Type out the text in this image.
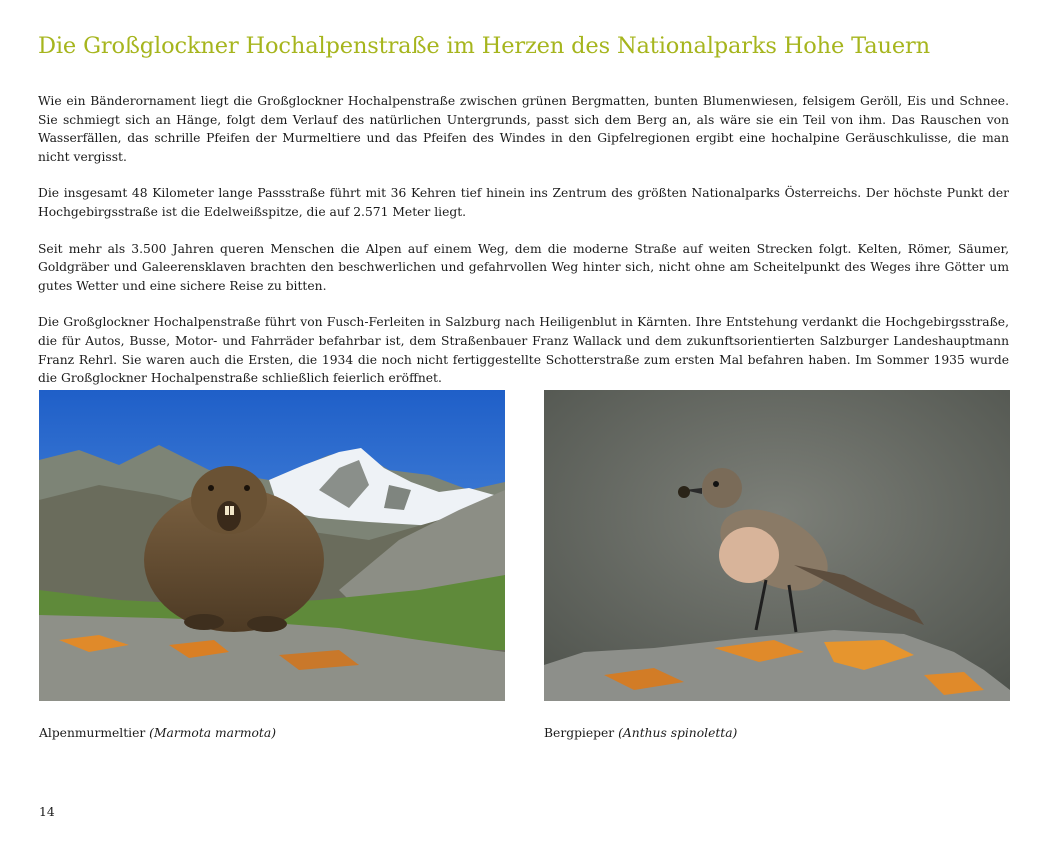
Die Großglockner Hochalpenstraße im Herzen des Nationalparks Hohe Tauern

Wie ein Bänderornament liegt die Großglockner Hochalpenstraße zwischen grünen Bergmatten, bunten Blumenwiesen, felsigem Geröll, Eis und Schnee. Sie schmiegt sich an Hänge, folgt dem Verlauf des natürlichen Untergrunds, passt sich dem Berg an, als wäre sie ein Teil von ihm. Das Rauschen von Wasserfällen, das schrille Pfeifen der Murmeltiere und das Pfeifen des Windes in den Gipfelregionen ergibt eine hochalpine Geräuschkulisse, die man nicht vergisst.

Die insgesamt 48 Kilometer lange Passstraße führt mit 36 Kehren tief hinein ins Zentrum des größten Nationalparks Österreichs. Der höchste Punkt der Hochgebirgsstraße ist die Edelweißspitze, die auf 2.571 Meter liegt.

Seit mehr als 3.500 Jahren queren Menschen die Alpen auf einem Weg, dem die moderne Straße auf weiten Strecken folgt. Kelten, Römer, Säumer, Goldgräber und Galeerensklaven brachten den beschwerlichen und gefahrvollen Weg hinter sich, nicht ohne am Scheitelpunkt des Weges ihre Götter um gutes Wetter und eine sichere Reise zu bitten.

Die Großglockner Hochalpenstraße führt von Fusch-Ferleiten in Salzburg nach Heiligenblut in Kärnten. Ihre Entstehung verdankt die Hochgebirgsstraße, die für Autos, Busse, Motor- und Fahrräder befahrbar ist, dem Straßenbauer Franz Wallack und dem zukunftsorientierten Salzburger Landeshauptmann Franz Rehrl. Sie waren auch die Ersten, die 1934 die noch nicht fertiggestellte Schotterstraße zum ersten Mal befahren haben. Im Sommer 1935 wurde die Großglockner Hochalpenstraße schließlich feierlich eröffnet.

Alpenmurmeltier (Marmota marmota)	Bergpieper (Anthus spinoletta)
14
